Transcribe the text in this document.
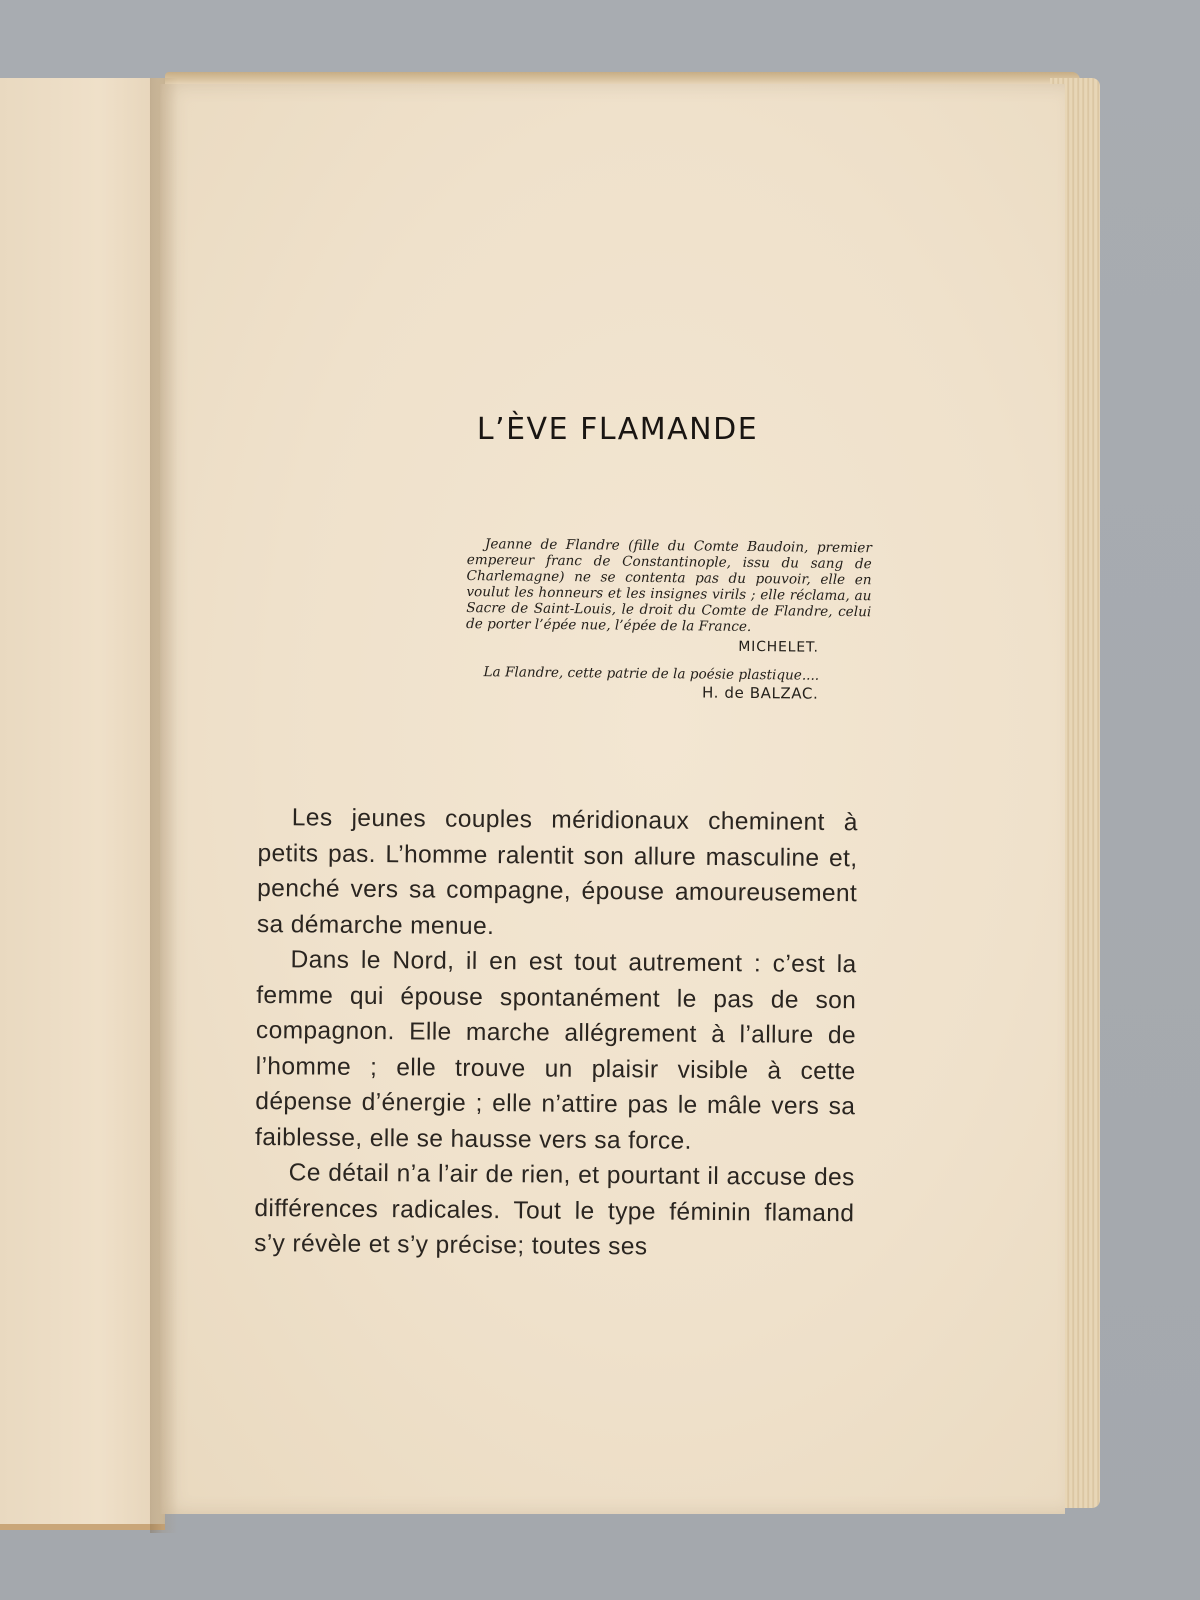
L’ÈVE FLAMANDE

Jeanne de Flandre (fille du Comte Baudoin, premier empereur franc de Constantinople, issu du sang de Charlemagne) ne se contenta pas du pouvoir, elle en voulut les honneurs et les insignes virils ; elle réclama, au Sacre de Saint-Louis, le droit du Comte de Flandre, celui de porter l’épée nue, l’épée de la France.

MICHELET.

La Flandre, cette patrie de la poésie plastique....

H. de BALZAC.

Les jeunes couples méridionaux cheminent à petits pas. L’homme ralentit son allure masculine et, penché vers sa compagne, épouse amoureusement sa démarche menue.

Dans le Nord, il en est tout autrement : c’est la femme qui épouse spontanément le pas de son compagnon. Elle marche allégrement à l’allure de l’homme ; elle trouve un plaisir visible à cette dépense d’énergie ; elle n’attire pas le mâle vers sa faiblesse, elle se hausse vers sa force.

Ce détail n’a l’air de rien, et pourtant il accuse des différences radicales. Tout le type féminin flamand s’y révèle et s’y précise; toutes ses
